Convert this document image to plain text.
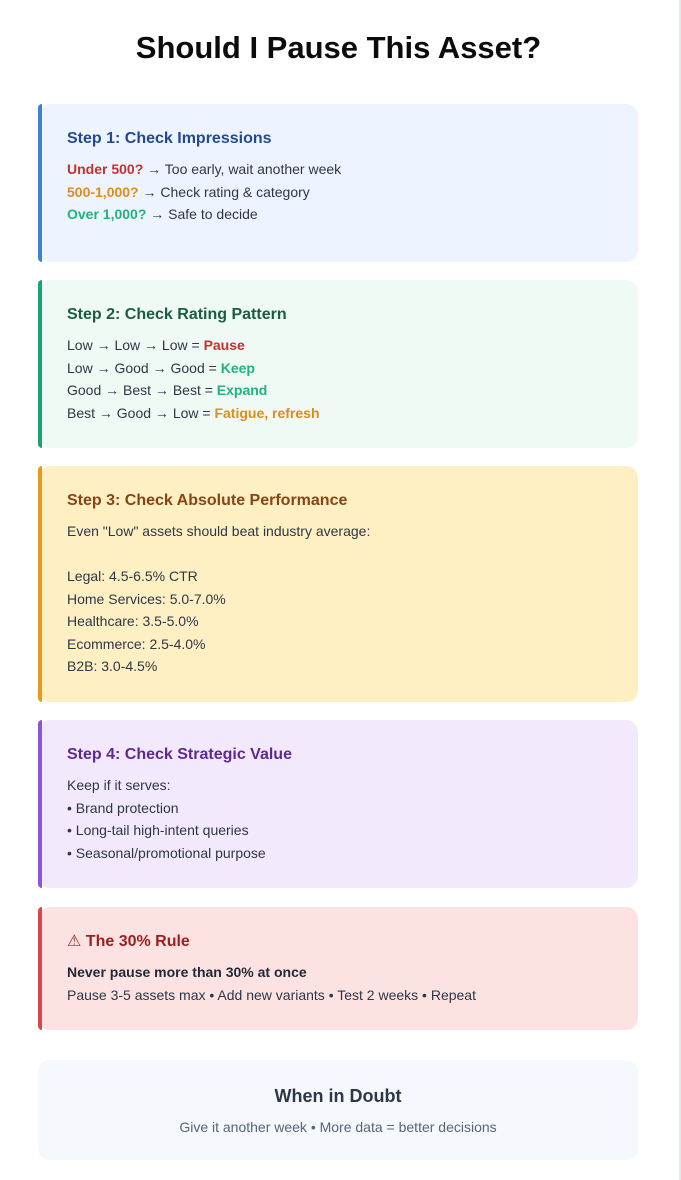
Should I Pause This Asset?
Step 1: Check Impressions
Under 500? → Too early, wait another week
500-1,000? → Check rating & category
Over 1,000? → Safe to decide
Step 2: Check Rating Pattern
Low → Low → Low = Pause
Low → Good → Good = Keep
Good → Best → Best = Expand
Best → Good → Low = Fatigue, refresh
Step 3: Check Absolute Performance
Even "Low" assets should beat industry average:
Legal: 4.5-6.5% CTR
Home Services: 5.0-7.0%
Healthcare: 3.5-5.0%
Ecommerce: 2.5-4.0%
B2B: 3.0-4.5%
Step 4: Check Strategic Value
Keep if it serves:
• Brand protection
• Long-tail high-intent queries
• Seasonal/promotional purpose
⚠ The 30% Rule
Never pause more than 30% at once
Pause 3-5 assets max • Add new variants • Test 2 weeks • Repeat
When in Doubt

Give it another week • More data = better decisions
